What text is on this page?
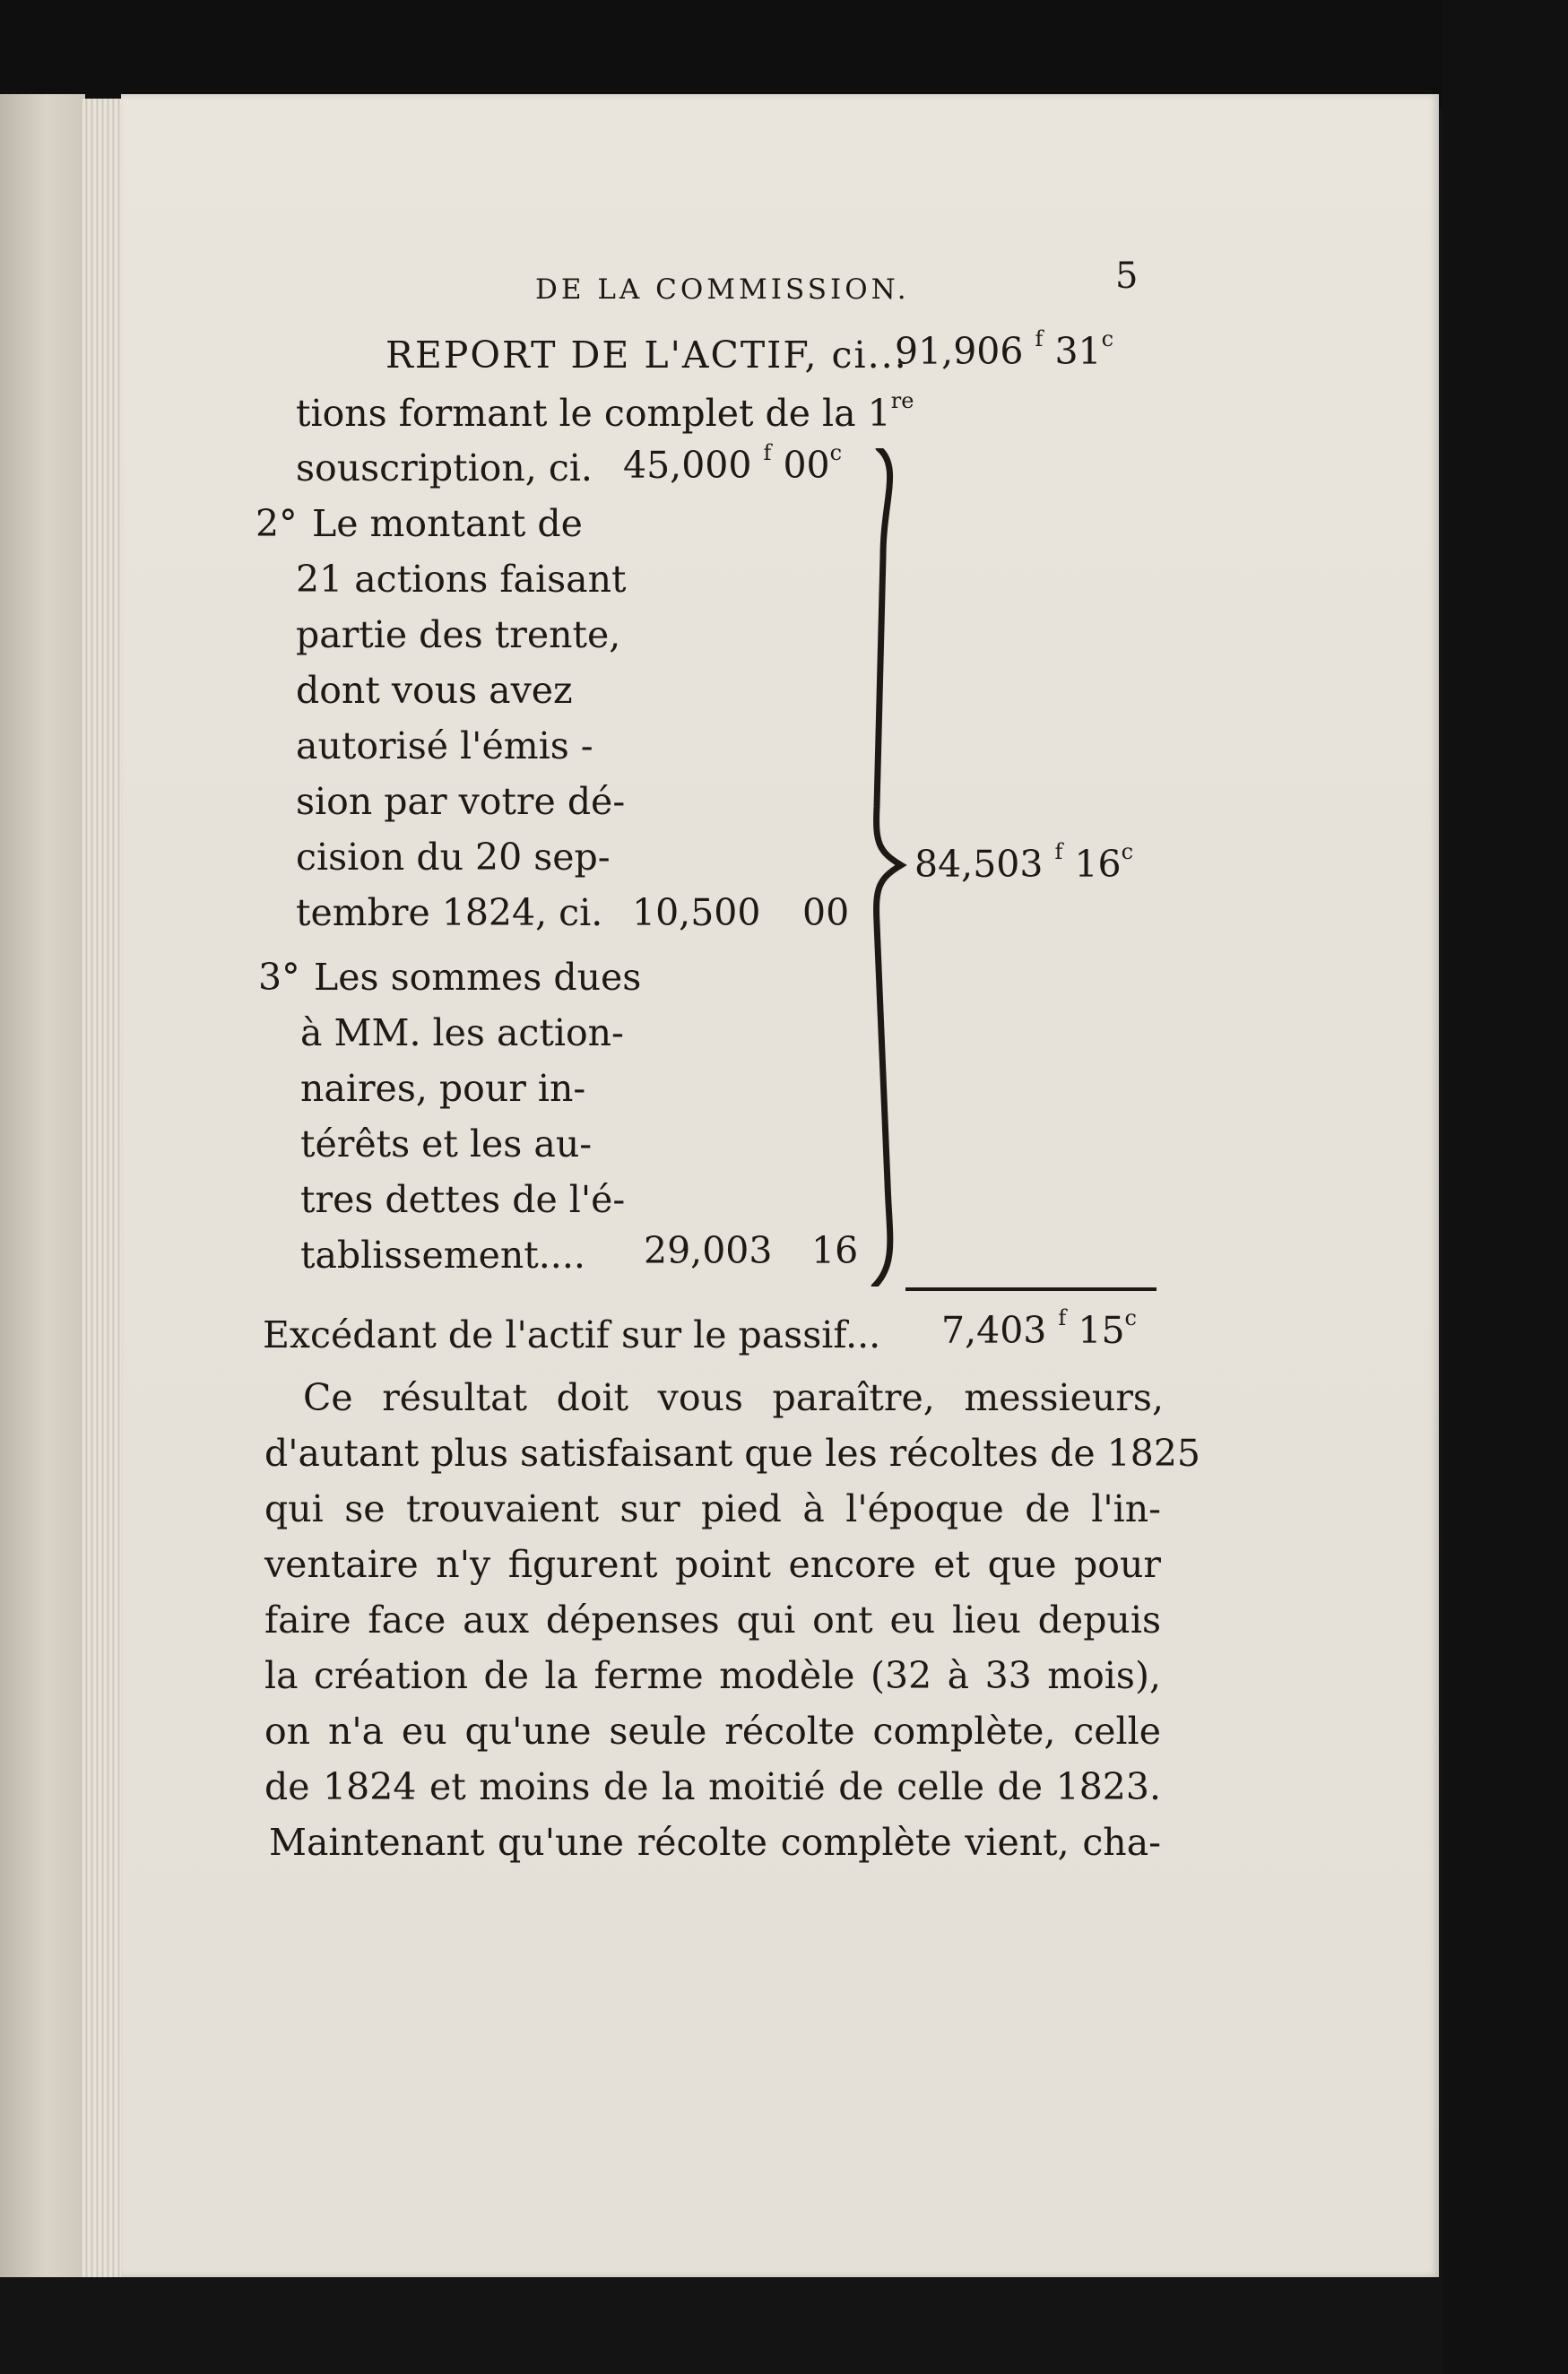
DE LA COMMISSION.	5
REPORT DE L'ACTIF, ci...
91,906 $^f$ 31$^c$
tions formant le complet de la 1re
souscription, ci. 45,000 $^f$ 00$^c$
2° Le montant de
21 actions faisant
partie des trente,
dont vous avez
autorisé l'émis -
sion par votre dé-
cision du 20 sep-
tembre 1824, ci. 10,500 00
3° Les sommes dues
à MM. les action-
naires, pour in-
térêts et les au-
tres dettes de l'é-
tablissement.... 29,003 16
84,503 $^f$ 16$^c$
Excédant de l'actif sur le passif... 7,403 $^f$ 15$^c$
Ce résultat doit vous paraître, messieurs,
d'autant plus satisfaisant que les récoltes de 1825
qui se trouvaient sur pied à l'époque de l'in-
ventaire n'y figurent point encore et que pour
faire face aux dépenses qui ont eu lieu depuis
la création de la ferme modèle (32 à 33 mois),
on n'a eu qu'une seule récolte complète, celle
de 1824 et moins de la moitié de celle de 1823.
Maintenant qu'une récolte complète vient, cha-
